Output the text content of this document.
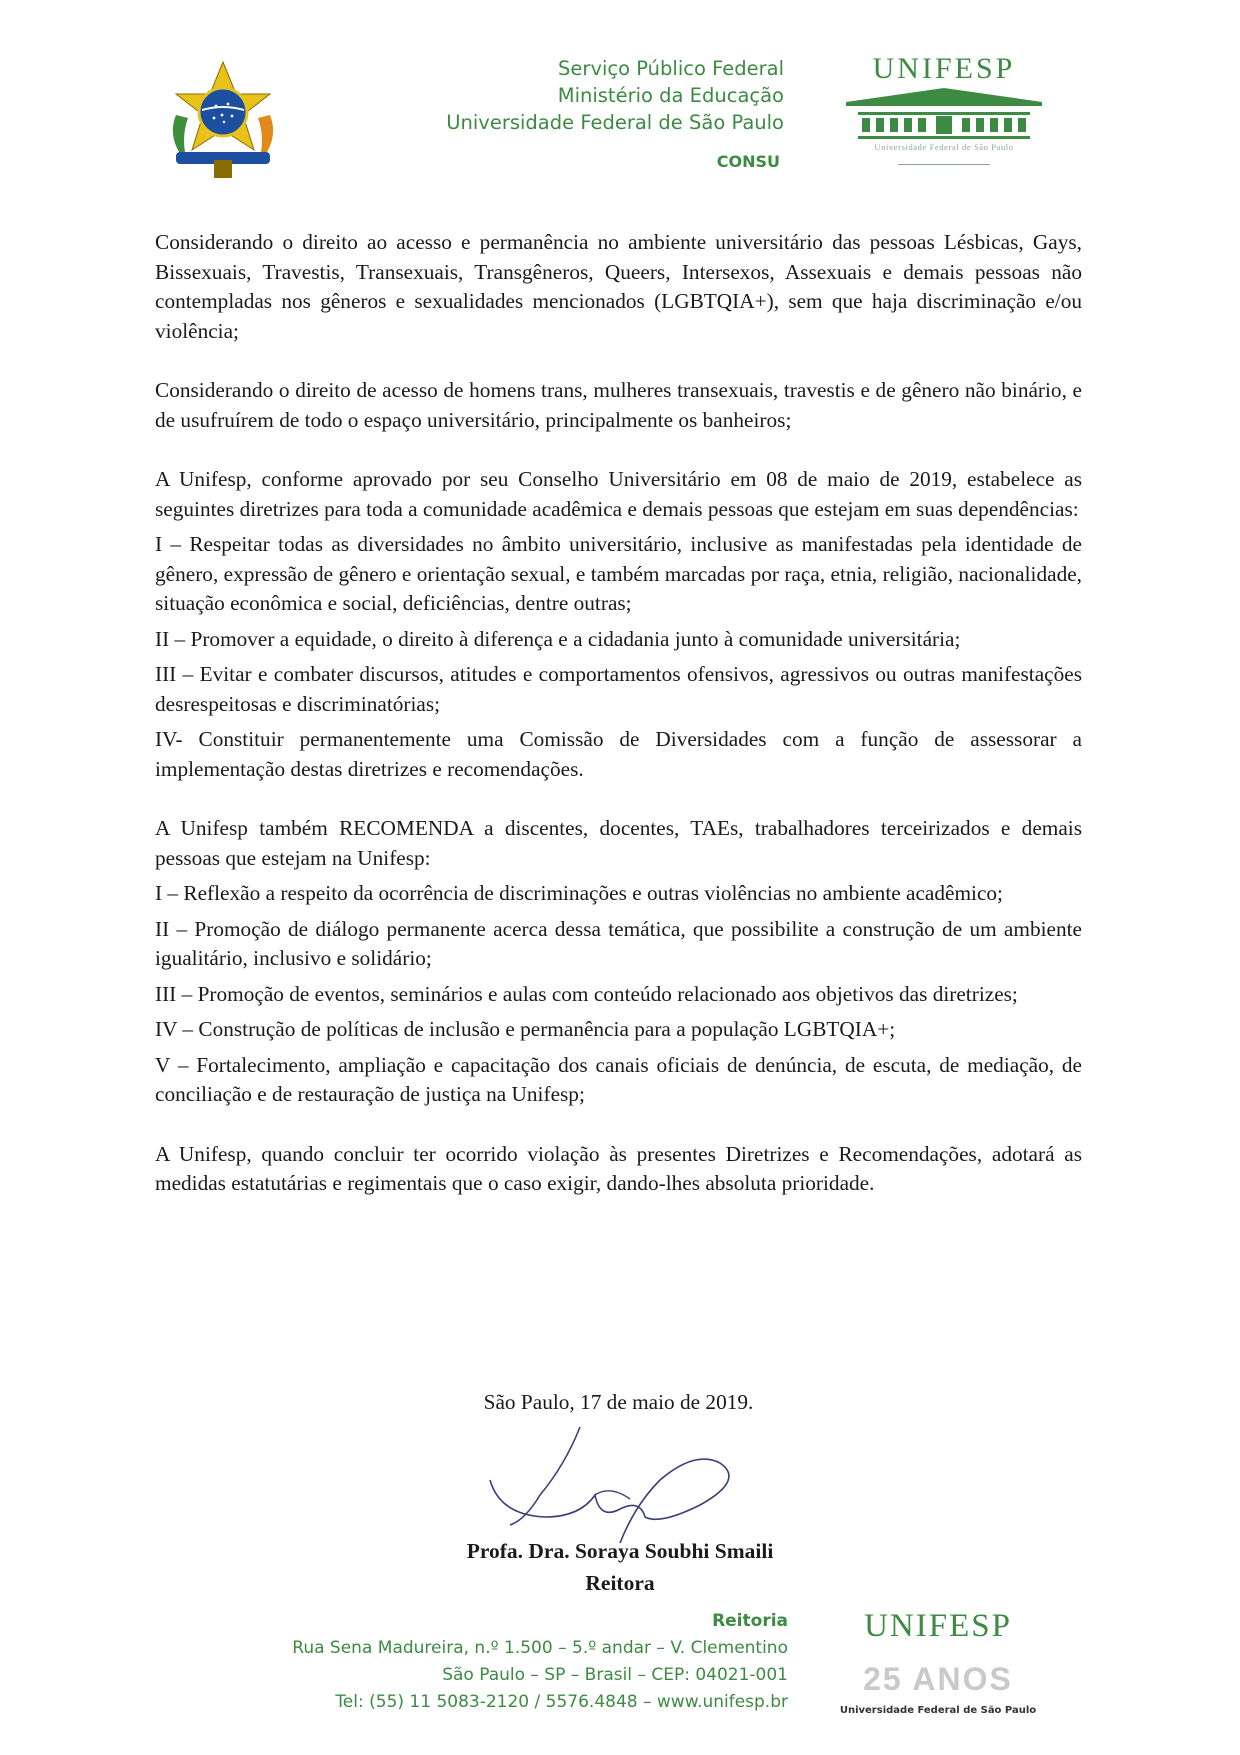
Serviço Público Federal
Ministério da Educação
Universidade Federal de São Paulo
CONSU
UNIFESP
Universidade Federal de São Paulo

Considerando o direito ao acesso e permanência no ambiente universitário das pessoas Lésbicas, Gays, Bissexuais, Travestis, Transexuais, Transgêneros, Queers, Intersexos, Assexuais e demais pessoas não contempladas nos gêneros e sexualidades mencionados (LGBTQIA+), sem que haja discriminação e/ou violência;

Considerando o direito de acesso de homens trans, mulheres transexuais, travestis e de gênero não binário, e de usufruírem de todo o espaço universitário, principalmente os banheiros;

A Unifesp, conforme aprovado por seu Conselho Universitário em 08 de maio de 2019, estabelece as seguintes diretrizes para toda a comunidade acadêmica e demais pessoas que estejam em suas dependências:

I – Respeitar todas as diversidades no âmbito universitário, inclusive as manifestadas pela identidade de gênero, expressão de gênero e orientação sexual, e também marcadas por raça, etnia, religião, nacionalidade, situação econômica e social, deficiências, dentre outras;

II – Promover a equidade, o direito à diferença e a cidadania junto à comunidade universitária;

III – Evitar e combater discursos, atitudes e comportamentos ofensivos, agressivos ou outras manifestações desrespeitosas e discriminatórias;

IV- Constituir permanentemente uma Comissão de Diversidades com a função de assessorar a implementação destas diretrizes e recomendações.

A Unifesp também RECOMENDA a discentes, docentes, TAEs, trabalhadores terceirizados e demais pessoas que estejam na Unifesp:

I – Reflexão a respeito da ocorrência de discriminações e outras violências no ambiente acadêmico;

II – Promoção de diálogo permanente acerca dessa temática, que possibilite a construção de um ambiente igualitário, inclusivo e solidário;

III – Promoção de eventos, seminários e aulas com conteúdo relacionado aos objetivos das diretrizes;

IV – Construção de políticas de inclusão e permanência para a população LGBTQIA+;

V – Fortalecimento, ampliação e capacitação dos canais oficiais de denúncia, de escuta, de mediação, de conciliação e de restauração de justiça na Unifesp;

A Unifesp, quando concluir ter ocorrido violação às presentes Diretrizes e Recomendações, adotará as medidas estatutárias e regimentais que o caso exigir, dando-lhes absoluta prioridade.

São Paulo, 17 de maio de 2019.
Profa. Dra. Soraya Soubhi Smaili
Reitora
Reitoria
Rua Sena Madureira, n.º 1.500 – 5.º andar – V. Clementino
São Paulo – SP – Brasil – CEP: 04021-001
Tel: (55) 11 5083-2120 / 5576.4848 – www.unifesp.br
UNIFESP
25 ANOS
Universidade Federal de São Paulo
